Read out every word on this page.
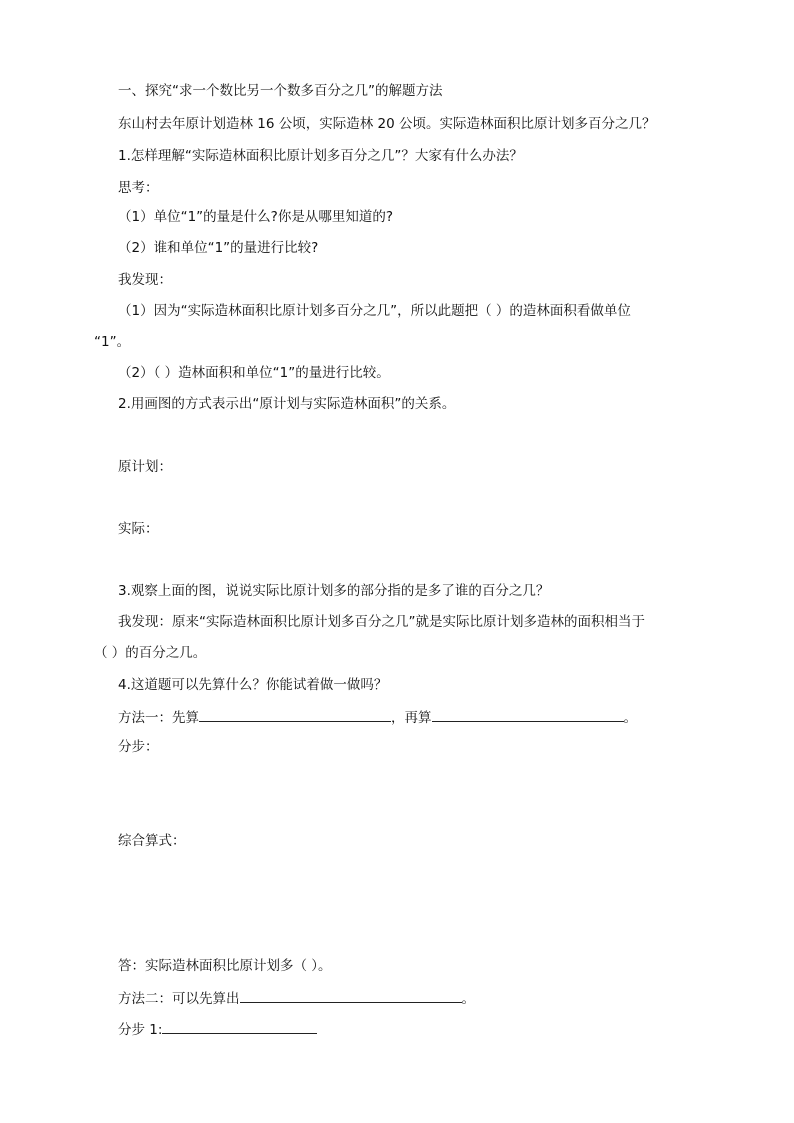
一、探究“求一个数比另一个数多百分之几”的解题方法
东山村去年原计划造林 16 公顷，实际造林 20 公顷。实际造林面积比原计划多百分之几？
1.怎样理解“实际造林面积比原计划多百分之几”？大家有什么办法？
思考：
（1）单位“1”的量是什么?你是从哪里知道的?
（2）谁和单位“1”的量进行比较?
我发现：
（1）因为“实际造林面积比原计划多百分之几”，所以此题把（ ）的造林面积看做单位
“1”。
（2）（ ）造林面积和单位“1”的量进行比较。
2.用画图的方式表示出“原计划与实际造林面积”的关系。
原计划：
实际：
3.观察上面的图，说说实际比原计划多的部分指的是多了谁的百分之几？
我发现：原来“实际造林面积比原计划多百分之几”就是实际比原计划多造林的面积相当于
（ ）的百分之几。
4.这道题可以先算什么？你能试着做一做吗？
方法一：先算	，再算	。
分步：
综合算式：
答：实际造林面积比原计划多（ ）。
方法二：可以先算出	。
分步 1:
